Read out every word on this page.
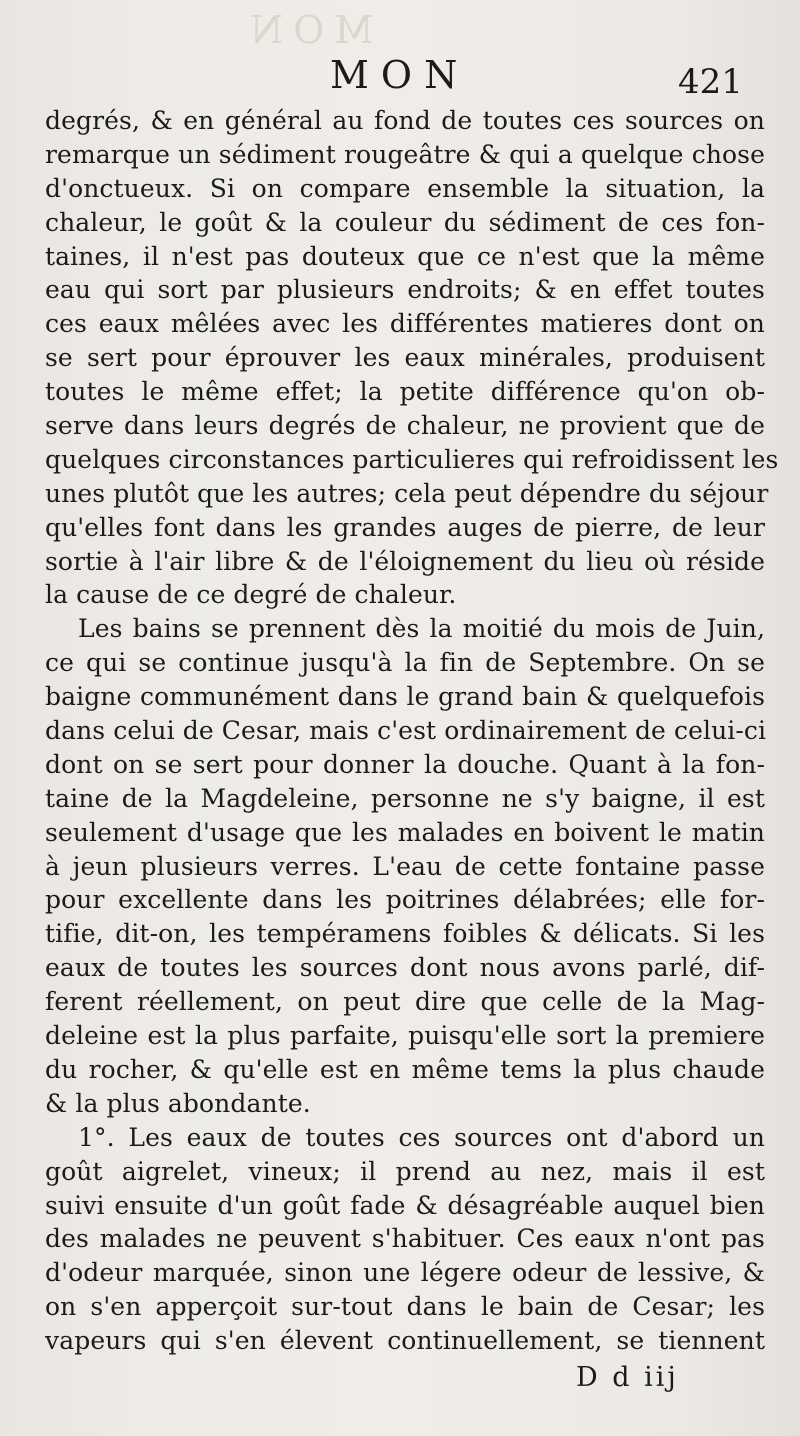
MON
MON	421
degrés, & en général au fond de toutes ces sources on
remarque un sédiment rougeâtre & qui a quelque chose
d'onctueux. Si on compare ensemble la situation, la
chaleur, le goût & la couleur du sédiment de ces fon-
taines, il n'est pas douteux que ce n'est que la même
eau qui sort par plusieurs endroits; & en effet toutes
ces eaux mêlées avec les différentes matieres dont on
se sert pour éprouver les eaux minérales, produisent
toutes le même effet; la petite différence qu'on ob-
serve dans leurs degrés de chaleur, ne provient que de
quelques circonstances particulieres qui refroidissent les
unes plutôt que les autres; cela peut dépendre du séjour
qu'elles font dans les grandes auges de pierre, de leur
sortie à l'air libre & de l'éloignement du lieu où réside
la cause de ce degré de chaleur.
Les bains se prennent dès la moitié du mois de Juin,
ce qui se continue jusqu'à la fin de Septembre. On se
baigne communément dans le grand bain & quelquefois
dans celui de Cesar, mais c'est ordinairement de celui-ci
dont on se sert pour donner la douche. Quant à la fon-
taine de la Magdeleine, personne ne s'y baigne, il est
seulement d'usage que les malades en boivent le matin
à jeun plusieurs verres. L'eau de cette fontaine passe
pour excellente dans les poitrines délabrées; elle for-
tifie, dit-on, les tempéramens foibles & délicats. Si les
eaux de toutes les sources dont nous avons parlé, dif-
ferent réellement, on peut dire que celle de la Mag-
deleine est la plus parfaite, puisqu'elle sort la premiere
du rocher, & qu'elle est en même tems la plus chaude
& la plus abondante.
1°. Les eaux de toutes ces sources ont d'abord un
goût aigrelet, vineux; il prend au nez, mais il est
suivi ensuite d'un goût fade & désagréable auquel bien
des malades ne peuvent s'habituer. Ces eaux n'ont pas
d'odeur marquée, sinon une légere odeur de lessive, &
on s'en apperçoit sur-tout dans le bain de Cesar; les
vapeurs qui s'en élevent continuellement, se tiennent
D d iij
